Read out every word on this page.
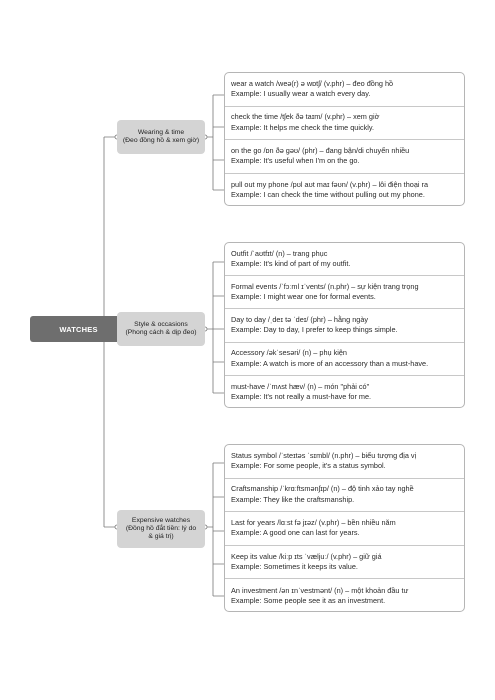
WATCHES
Wearing & time
(Đeo đồng hồ & xem giờ)
Style & occasions
(Phong cách & dịp đeo)
Expensive watches
(Đồng hồ đắt tiền: lý do & giá trị)
wear a watch /weə(r) ə wɒtʃ/ (v.phr) – đeo đồng hồ
Example: I usually wear a watch every day.
check the time /tʃek ðə taɪm/ (v.phr) – xem giờ
Example: It helps me check the time quickly.
on the go /ɒn ðə ɡəʊ/ (phr) – đang bận/di chuyển nhiều
Example: It's useful when I'm on the go.
pull out my phone /pʊl aʊt maɪ fəʊn/ (v.phr) – lôi điện thoại ra
Example: I can check the time without pulling out my phone.
Outfit /ˈaʊtfɪt/ (n) – trang phục
Example: It's kind of part of my outfit.
Formal events /ˈfɔːml ɪˈvents/ (n.phr) – sự kiện trang trọng
Example: I might wear one for formal events.
Day to day /ˌdeɪ tə ˈdeɪ/ (phr) – hằng ngày
Example: Day to day, I prefer to keep things simple.
Accessory /əkˈsesəri/ (n) – phụ kiện
Example: A watch is more of an accessory than a must-have.
must-have /ˈmʌst hæv/ (n) – món "phải có"
Example: It's not really a must-have for me.
Status symbol /ˈsteɪtəs ˈsɪmbl/ (n.phr) – biểu tượng địa vị
Example: For some people, it's a status symbol.
Craftsmanship /ˈkrɑːftsmənʃɪp/ (n) – độ tinh xảo tay nghề
Example: They like the craftsmanship.
Last for years /lɑːst fə jɪəz/ (v.phr) – bền nhiều năm
Example: A good one can last for years.
Keep its value /kiːp ɪts ˈvæljuː/ (v.phr) – giữ giá
Example: Sometimes it keeps its value.
An investment /ən ɪnˈvestmənt/ (n) – một khoản đầu tư
Example: Some people see it as an investment.
